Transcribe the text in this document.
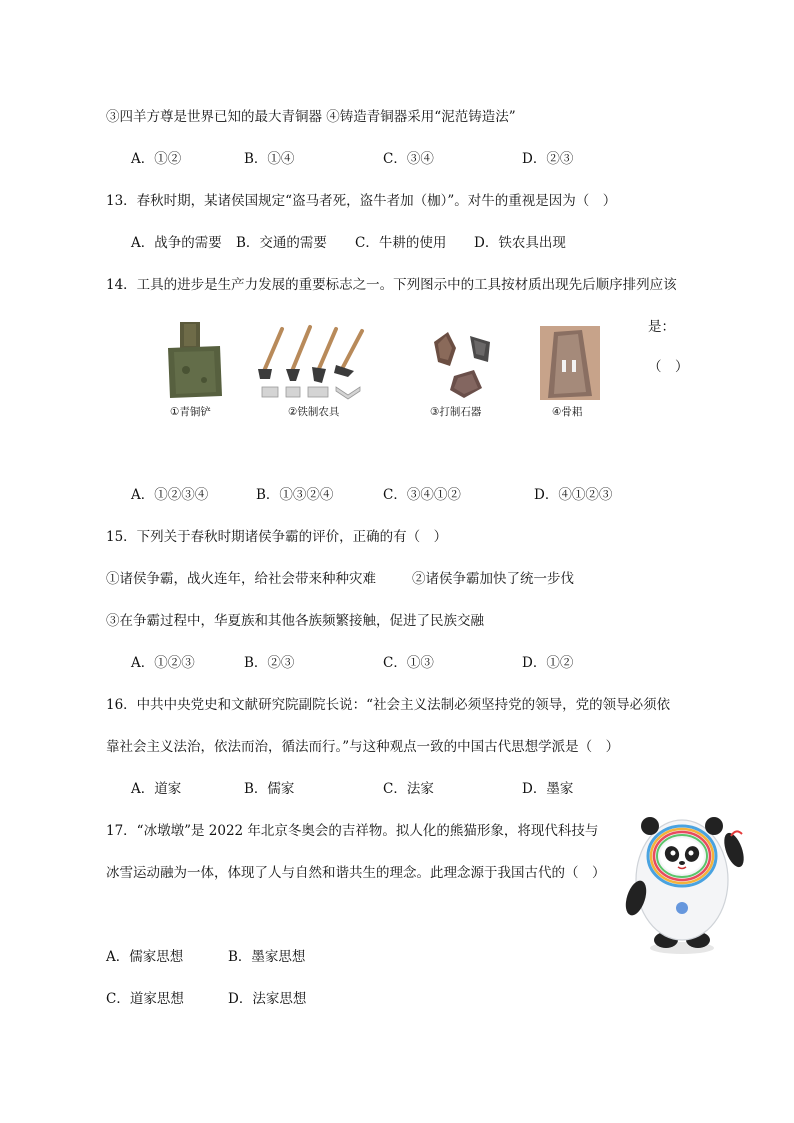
③四羊方尊是世界已知的最大青铜器 ④铸造青铜器采用“泥范铸造法”
A．①②	B．①④	C．③④	D．②③
13．春秋时期，某诸侯国规定“盗马者死，盗牛者加（枷）”。对牛的重视是因为（　）
A．战争的需要 B．交通的需要 C．牛耕的使用 D．铁农具出现
14．工具的进步是生产力发展的重要标志之一。下列图示中的工具按材质出现先后顺序排列应该
是：
（　）
①青铜铲	②铁制农具	③打制石器	④骨耜
A．①②③④	B．①③②④	C．③④①②	D．④①②③
15．下列关于春秋时期诸侯争霸的评价，正确的有（　）
①诸侯争霸，战火连年，给社会带来种种灾难	②诸侯争霸加快了统一步伐
③在争霸过程中，华夏族和其他各族频繁接触，促进了民族交融
A．①②③	B．②③	C．①③	D．①②
16．中共中央党史和文献研究院副院长说：“社会主义法制必须坚持党的领导，党的领导必须依
靠社会主义法治，依法而治，循法而行。”与这种观点一致的中国古代思想学派是（　）
A．道家	B．儒家	C．法家	D．墨家
17．“冰墩墩”是 2022 年北京冬奥会的吉祥物。拟人化的熊猫形象，将现代科技与
冰雪运动融为一体，体现了人与自然和谐共生的理念。此理念源于我国古代的（　）
A．儒家思想	B．墨家思想
C．道家思想	D．法家思想
